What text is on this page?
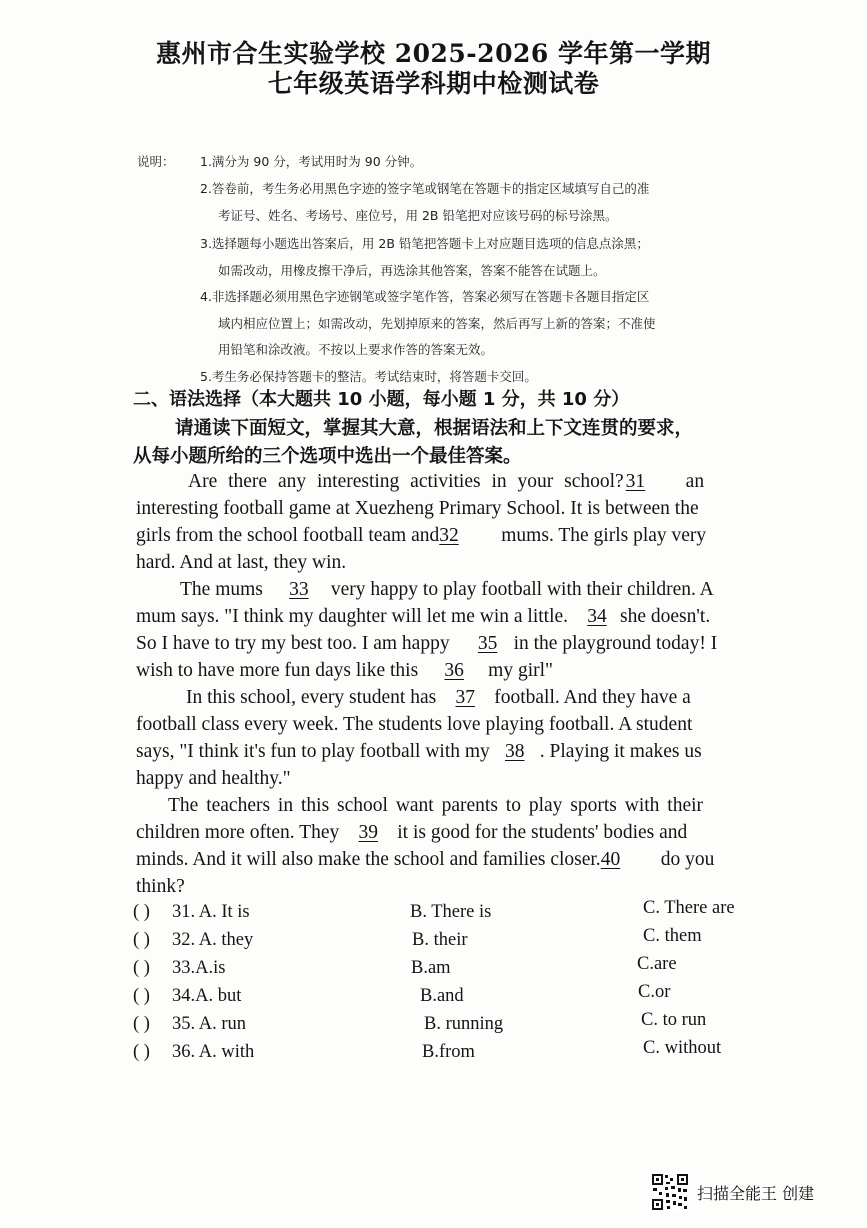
惠州市合生实验学校 2025-2026 学年第一学期
七年级英语学科期中检测试卷
说明： 1.满分为 90 分，考试用时为 90 分钟。
2.答卷前，考生务必用黑色字迹的签字笔或钢笔在答题卡的指定区域填写自己的准
考证号、姓名、考场号、座位号，用 2B 铅笔把对应该号码的标号涂黑。
3.选择题每小题选出答案后，用 2B 铅笔把答题卡上对应题目选项的信息点涂黑；
如需改动，用橡皮擦干净后，再选涂其他答案，答案不能答在试题上。
4.非选择题必须用黑色字迹钢笔或签字笔作答，答案必须写在答题卡各题目指定区
域内相应位置上；如需改动，先划掉原来的答案，然后再写上新的答案；不准使
用铅笔和涂改液。不按以上要求作答的答案无效。
5.考生务必保持答题卡的整洁。考试结束时，将答题卡交回。
二、语法选择（本大题共 10 小题，每小题 1 分，共 10 分）
请通读下面短文，掌握其大意，根据语法和上下文连贯的要求，
从每小题所给的三个选项中选出一个最佳答案。
Are there any interesting activities in your school? 31 an
interesting football game at Xuezheng Primary School. It is between the
girls from the school football team and32 mums. The girls play very
hard. And at last, they win.
The mums 33 very happy to play football with their children. A
mum says. "I think my daughter will let me win a little. 34 she doesn't.
So I have to try my best too. I am happy 35 in the playground today! I
wish to have more fun days like this 36 my girl"
In this school, every student has 37 football. And they have a
football class every week. The students love playing football. A student
says, "I think it's fun to play football with my 38 . Playing it makes us
happy and healthy."
The teachers in this school want parents to play sports with their
children more often. They 39 it is good for the students' bodies and
minds. And it will also make the school and families closer.40 do you
think?
( ) 31. A. It is	B. There is	C. There are
( ) 32. A. they	B. their	C. them
( ) 33.A.is	B.am	C.are
( ) 34.A. but	B.and	C.or
( ) 35. A. run	B. running	C. to run
( ) 36. A. with	B.from	C. without
扫描全能王 创建
